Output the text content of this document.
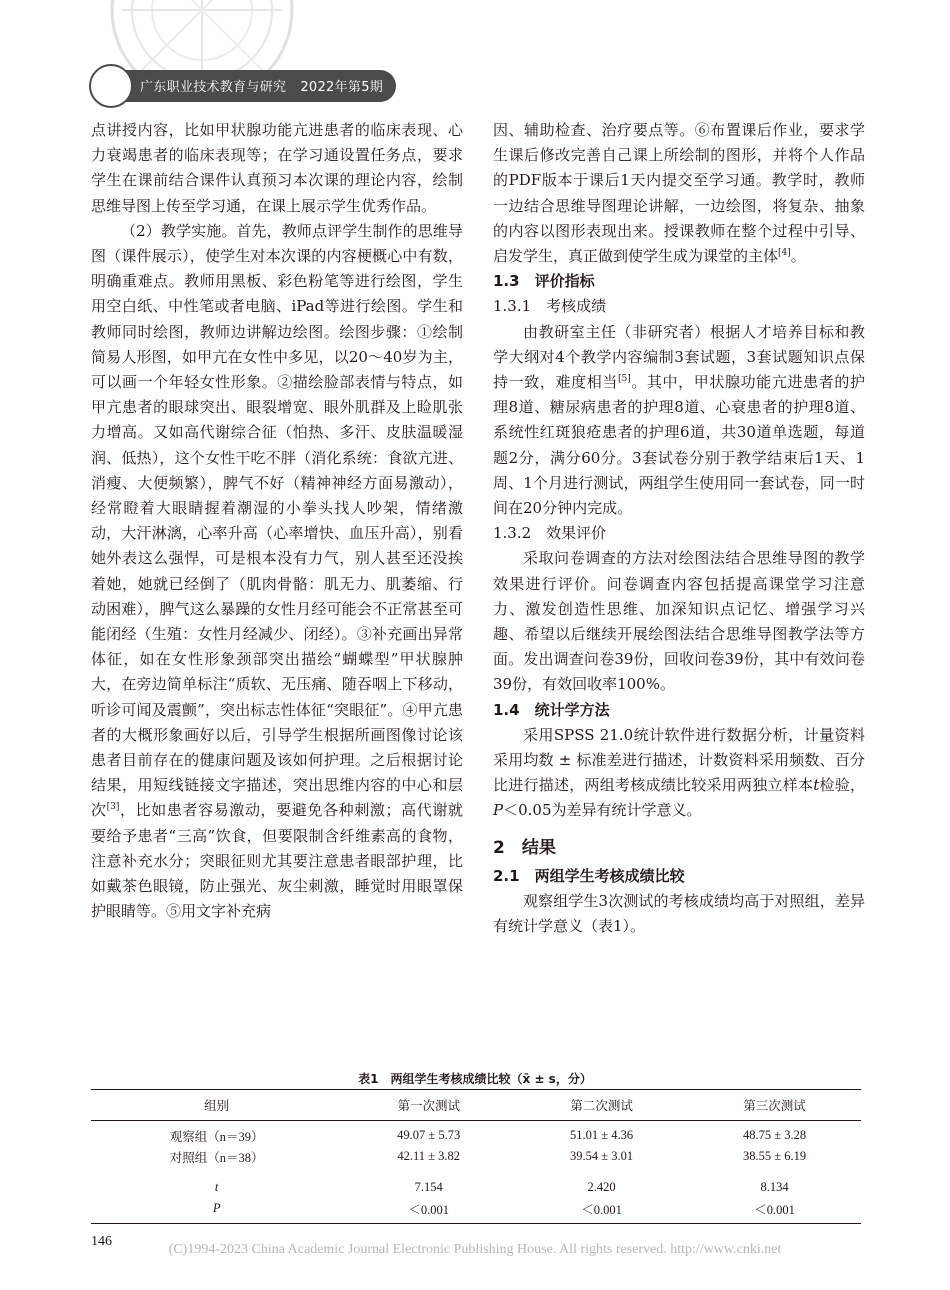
广东职业技术教育与研究 2022年第5期

点讲授内容，比如甲状腺功能亢进患者的临床表现、心力衰竭患者的临床表现等；在学习通设置任务点，要求学生在课前结合课件认真预习本次课的理论内容，绘制思维导图上传至学习通，在课上展示学生优秀作品。

（2）教学实施。首先，教师点评学生制作的思维导图（课件展示），使学生对本次课的内容梗概心中有数，明确重难点。教师用黑板、彩色粉笔等进行绘图，学生用空白纸、中性笔或者电脑、iPad等进行绘图。学生和教师同时绘图，教师边讲解边绘图。绘图步骤：①绘制简易人形图，如甲亢在女性中多见，以20～40岁为主，可以画一个年轻女性形象。②描绘脸部表情与特点，如甲亢患者的眼球突出、眼裂增宽、眼外肌群及上睑肌张力增高。又如高代谢综合征（怕热、多汗、皮肤温暖湿润、低热），这个女性干吃不胖（消化系统：食欲亢进、消瘦、大便频繁），脾气不好（精神神经方面易激动），经常瞪着大眼睛握着潮湿的小拳头找人吵架，情绪激动，大汗淋漓，心率升高（心率增快、血压升高），别看她外表这么强悍，可是根本没有力气，别人甚至还没挨着她，她就已经倒了（肌肉骨骼：肌无力、肌萎缩、行动困难），脾气这么暴躁的女性月经可能会不正常甚至可能闭经（生殖：女性月经减少、闭经）。③补充画出异常体征，如在女性形象颈部突出描绘“蝴蝶型”甲状腺肿大，在旁边简单标注“质软、无压痛、随吞咽上下移动，听诊可闻及震颤”，突出标志性体征“突眼征”。④甲亢患者的大概形象画好以后，引导学生根据所画图像讨论该患者目前存在的健康问题及该如何护理。之后根据讨论结果，用短线链接文字描述，突出思维内容的中心和层次[3]，比如患者容易激动，要避免各种刺激；高代谢就要给予患者“三高”饮食，但要限制含纤维素高的食物，注意补充水分；突眼征则尤其要注意患者眼部护理，比如戴茶色眼镜，防止强光、灰尘刺激，睡觉时用眼罩保护眼睛等。⑤用文字补充病

因、辅助检查、治疗要点等。⑥布置课后作业，要求学生课后修改完善自己课上所绘制的图形，并将个人作品的PDF版本于课后1天内提交至学习通。教学时，教师一边结合思维导图理论讲解，一边绘图，将复杂、抽象的内容以图形表现出来。授课教师在整个过程中引导、启发学生，真正做到使学生成为课堂的主体[4]。

1.3　评价指标
1.3.1　考核成绩

由教研室主任（非研究者）根据人才培养目标和教学大纲对4个教学内容编制3套试题，3套试题知识点保持一致，难度相当[5]。其中，甲状腺功能亢进患者的护理8道、糖尿病患者的护理8道、心衰患者的护理8道、系统性红斑狼疮患者的护理6道，共30道单选题，每道题2分，满分60分。3套试卷分别于教学结束后1天、1周、1个月进行测试，两组学生使用同一套试卷，同一时间在20分钟内完成。

1.3.2　效果评价

采取问卷调查的方法对绘图法结合思维导图的教学效果进行评价。问卷调查内容包括提高课堂学习注意力、激发创造性思维、加深知识点记忆、增强学习兴趣、希望以后继续开展绘图法结合思维导图教学法等方面。发出调查问卷39份，回收问卷39份，其中有效问卷39份，有效回收率100%。

1.4　统计学方法

采用SPSS 21.0统计软件进行数据分析，计量资料采用均数 ± 标准差进行描述，计数资料采用频数、百分比进行描述，两组考核成绩比较采用两独立样本t检验，P＜0.05为差异有统计学意义。

2　结果
2.1　两组学生考核成绩比较

观察组学生3次测试的考核成绩均高于对照组，差异有统计学意义（表1）。

表1　两组学生考核成绩比较（x̄ ± s，分）
组别	第一次测试	第二次测试	第三次测试
观察组（n＝39）	49.07 ± 5.73	51.01 ± 4.36	48.75 ± 3.28
对照组（n＝38）	42.11 ± 3.82	39.54 ± 3.01	38.55 ± 6.19
t	7.154	2.420	8.134
P	＜0.001	＜0.001	＜0.001
146
(C)1994-2023 China Academic Journal Electronic Publishing House. All rights reserved. http://www.cnki.net
